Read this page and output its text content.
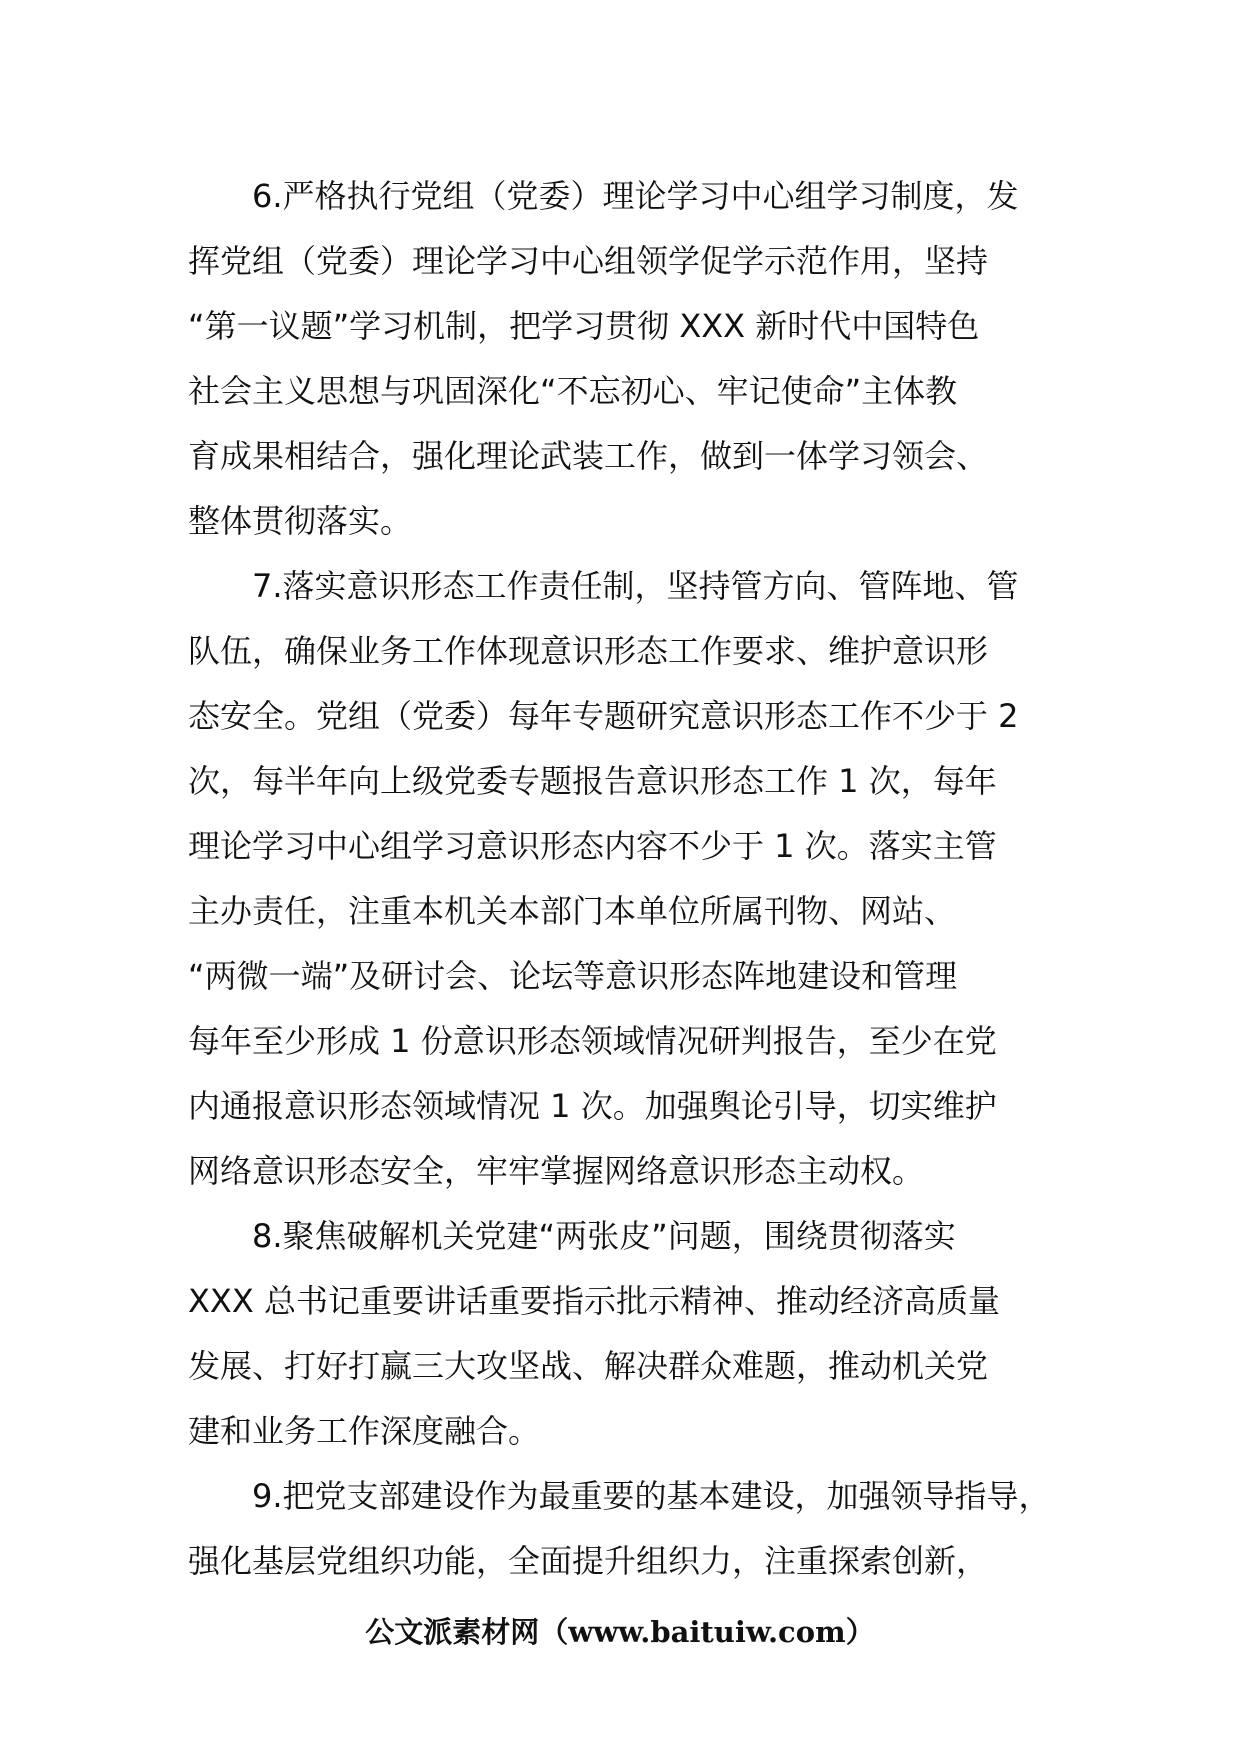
6.严格执行党组（党委）理论学习中心组学习制度，发
挥党组（党委）理论学习中心组领学促学示范作用，坚持
“第一议题”学习机制，把学习贯彻 XXX 新时代中国特色
社会主义思想与巩固深化“不忘初心、牢记使命”主体教
育成果相结合，强化理论武装工作，做到一体学习领会、
整体贯彻落实。

7.落实意识形态工作责任制，坚持管方向、管阵地、管
队伍，确保业务工作体现意识形态工作要求、维护意识形
态安全。党组（党委）每年专题研究意识形态工作不少于 2
次，每半年向上级党委专题报告意识形态工作 1 次，每年
理论学习中心组学习意识形态内容不少于 1 次。落实主管
主办责任，注重本机关本部门本单位所属刊物、网站、
“两微一端”及研讨会、论坛等意识形态阵地建设和管理
每年至少形成 1 份意识形态领域情况研判报告，至少在党
内通报意识形态领域情况 1 次。加强舆论引导，切实维护
网络意识形态安全，牢牢掌握网络意识形态主动权。

8.聚焦破解机关党建“两张皮”问题，围绕贯彻落实
XXX 总书记重要讲话重要指示批示精神、推动经济高质量
发展、打好打赢三大攻坚战、解决群众难题，推动机关党
建和业务工作深度融合。

9.把党支部建设作为最重要的基本建设，加强领导指导，
强化基层党组织功能，全面提升组织力，注重探索创新，

公文派素材网（www.baituiw.com）
